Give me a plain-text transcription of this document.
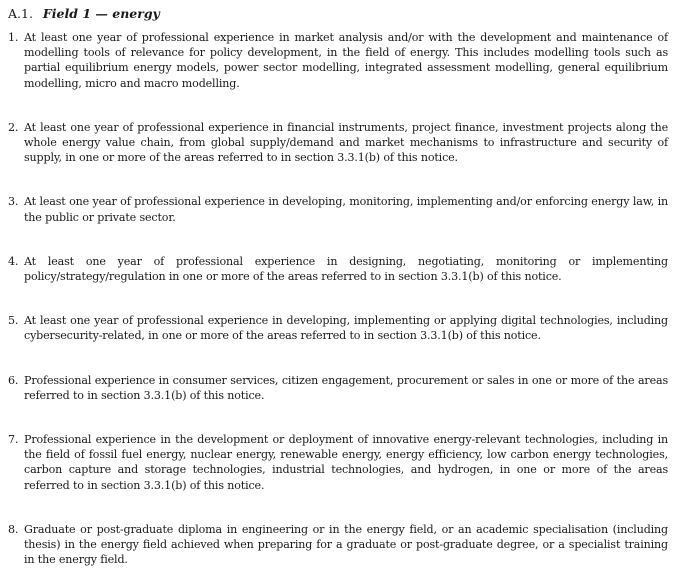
A.1. Field 1 — energy
1. At least one year of professional experience in market analysis and/or with the development and maintenance of modelling tools of relevance for policy development, in the field of energy. This includes modelling tools such as partial equilibrium energy models, power sector modelling, integrated assessment modelling, general equilibrium modelling, micro and macro modelling.
2. At least one year of professional experience in financial instruments, project finance, investment projects along the whole energy value chain, from global supply/demand and market mechanisms to infrastructure and security of supply, in one or more of the areas referred to in section 3.3.1(b) of this notice.
3. At least one year of professional experience in developing, monitoring, implementing and/or enforcing energy law, in the public or private sector.
4. At least one year of professional experience in designing, negotiating, monitoring or implementing policy/strategy/regulation in one or more of the areas referred to in section 3.3.1(b) of this notice.
5. At least one year of professional experience in developing, implementing or applying digital technologies, including cybersecurity-related, in one or more of the areas referred to in section 3.3.1(b) of this notice.
6. Professional experience in consumer services, citizen engagement, procurement or sales in one or more of the areas referred to in section 3.3.1(b) of this notice.
7. Professional experience in the development or deployment of innovative energy-relevant technologies, including in the field of fossil fuel energy, nuclear energy, renewable energy, energy efficiency, low carbon energy technologies, carbon capture and storage technologies, industrial technologies, and hydrogen, in one or more of the areas referred to in section 3.3.1(b) of this notice.
8. Graduate or post-graduate diploma in engineering or in the energy field, or an academic specialisation (including thesis) in the energy field achieved when preparing for a graduate or post-graduate degree, or a specialist training in the energy field.
